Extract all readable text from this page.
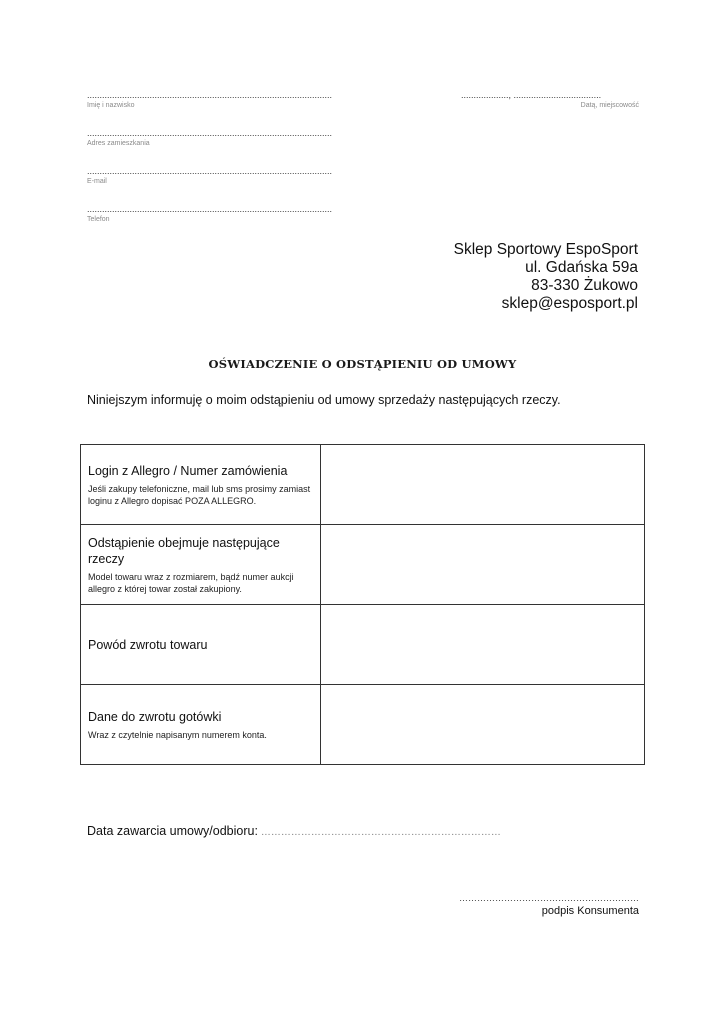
..................................................................................................
Imię i nazwisko
..................., ...................................
Datą, miejscowość
..................................................................................................
Adres zamieszkania
..................................................................................................
E-mail
..................................................................................................
Telefon
Sklep Sportowy EspoSport
ul. Gdańska 59a
83-330 Żukowo
sklep@esposport.pl
OŚWIADCZENIE O ODSTĄPIENIU OD UMOWY
Niniejszym informuję o moim odstąpieniu od umowy sprzedaży następujących rzeczy.
Login z Allegro / Numer zamówienia
Jeśli zakupy telefoniczne, mail lub sms prosimy zamiast loginu z Allegro dopisać POZA ALLEGRO.	

Odstąpienie obejmuje następujące rzeczy
Model towaru wraz z rozmiarem, bądź numer aukcji allegro z której towar został zakupiony.	

Powód zwrotu towaru	

Dane do zwrotu gotówki
Wraz z czytelnie napisanym numerem konta.	

Data zawarcia umowy/odbioru: ………………………………………………………………
……………………………………………………
podpis Konsumenta
